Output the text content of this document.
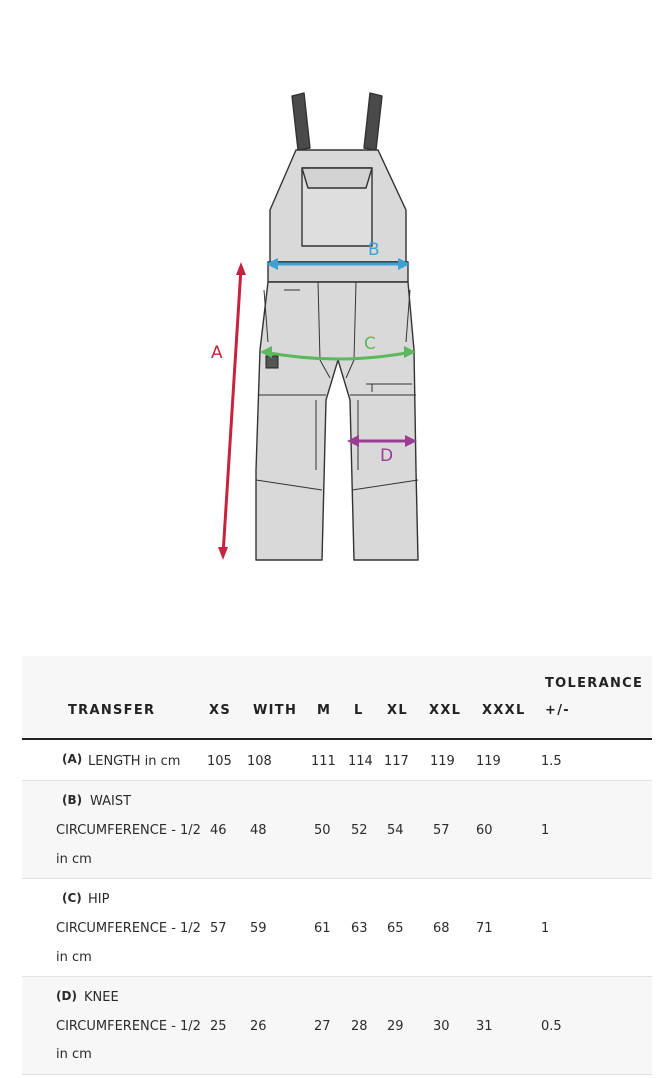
A
B
C
D
TRANSFER	XS WITH M L XL XXL XXXL
TOLERANCE
+/-
(A) LENGTH in cm 105 108	111 114 117 119 119	1.5
(B) WAIST
CIRCUMFERENCE - 1/2
in cm
46 48	50 52 54 57 60	1
(C) HIP
CIRCUMFERENCE - 1/2
in cm
57 59	61 63 65 68 71	1
(D) KNEE
CIRCUMFERENCE - 1/2
in cm
25 26	27 28 29 30 31	0.5
